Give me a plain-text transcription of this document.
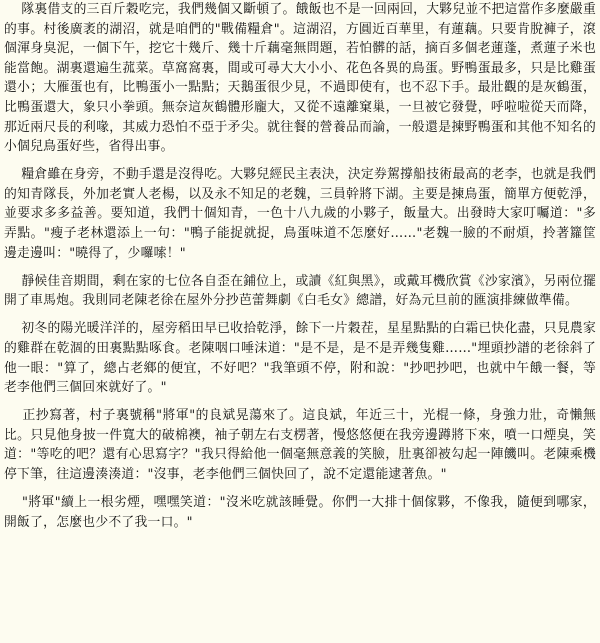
隊裏借支的三百斤穀吃完，我們幾個又斷頓了。餓飯也不是一回兩回，大夥兒並不把這當作多麼嚴重的事。村後廣袤的湖沼，就是咱們的"戰備糧倉"。這湖沼，方圓近百華里，有蓮藕。只要肯脫褲子，滾個渾身臭泥，一個下午，挖它十幾斤、幾十斤藕毫無問題，若怕髒的話，摘百多個老蓮蓬，煮蓮子米也能當飽。湖裏還遍生菰菜。草窩窩裏，間或可尋大大小小、花色各異的鳥蛋。野鴨蛋最多，只是比雞蛋還小；大雁蛋也有，比鴨蛋小一點點；天鵝蛋很少見，不過即使有，也不忍下手。最壯觀的是灰鶴蛋，比鴨蛋還大，象只小拳頭。無奈這灰鶴體形龐大，又從不遠離窠巢，一旦被它發覺，呼啦啦從天而降，那近兩尺長的利喙，其威力恐怕不亞于矛尖。就往餐的營養品而論，一般還是揀野鴨蛋和其他不知名的小個兒鳥蛋好些，省得出事。

糧倉雖在身旁，不動手還是沒得吃。大夥兒經民主表決，決定券駕撐船技術最高的老李，也就是我們的知青隊長，外加老實人老楊，以及永不知足的老魏，三員幹將下湖。主要是揀鳥蛋，簡單方便乾淨，並要求多多益善。要知道，我們十個知青，一色十八九歲的小夥子，飯量大。出發時大家叮囑道："多弄點。"瘦子老林還添上一句："鴨子能捉就捉，鳥蛋味道不怎麼好……"老魏一臉的不耐煩，拎著籮筐邊走邊叫："曉得了，少囉嗦！"

靜候佳音期間，剩在家的七位各自歪在鋪位上，或讀《紅與黑》，或戴耳機欣賞《沙家濱》，另兩位擺開了車馬炮。我則同老陳老徐在屋外分抄芭蕾舞劇《白毛女》總譜，好為元旦前的匯演排練做準備。

初冬的陽光暖洋洋的，屋旁稻田早已收拾乾淨，餘下一片穀茬，星星點點的白霜已快化盡，只見農家的雞群在乾涸的田裏點點啄食。老陳咽口唾沫道："是不是，是不是弄幾隻雞……"埋頭抄譜的老徐斜了他一眼："算了，總占老鄉的便宜，不好吧？"我筆頭不停，附和說："抄吧抄吧，也就中午餓一餐，等老李他們三個回來就好了。"

正抄寫著，村子裏號稱"將軍"的良斌晃蕩來了。這良斌，年近三十，光棍一條，身強力壯，奇懶無比。只見他身披一件寬大的破棉襖，袖子朝左右支楞著，慢悠悠便在我旁邊蹲將下來，噴一口煙臭，笑道："等吃的吧？還有心思寫字？"我只得給他一個毫無意義的笑臉，肚裏卻被勾起一陣饑叫。老陳乘機停下筆，往這邊湊湊道："沒事，老李他們三個快回了，說不定還能逮著魚。"

"將軍"續上一根劣煙，嘿嘿笑道："沒米吃就該睡覺。你們一大排十個傢夥，不像我，隨便到哪家，開飯了，怎麼也少不了我一口。"
